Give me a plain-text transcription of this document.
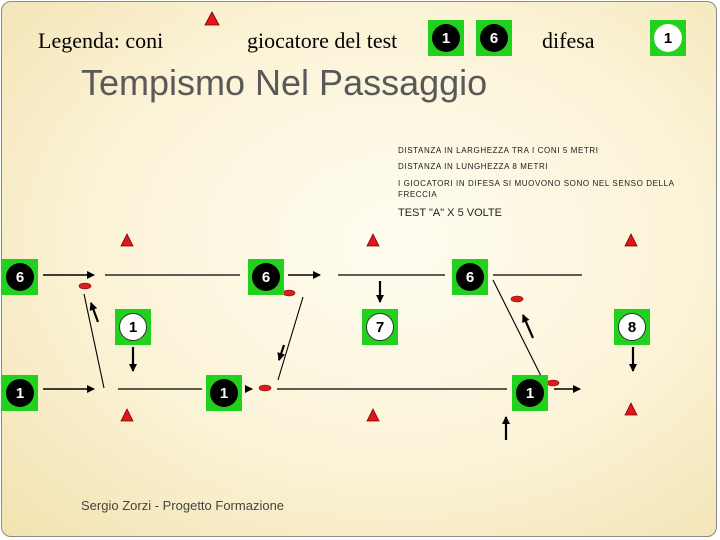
Legenda: coni	giocatore del test	1	6	difesa	1
Tempismo Nel Passaggio
DISTANZA IN LARGHEZZA TRA I CONI 5 METRI
DISTANZA IN LUNGHEZZA 8 METRI
I GIOCATORI IN DIFESA SI MUOVONO SONO NEL SENSO DELLA FRECCIA
TEST "A" X 5 VOLTE
6	6	6
1	1	1
1	7	8
Sergio Zorzi - Progetto Formazione
